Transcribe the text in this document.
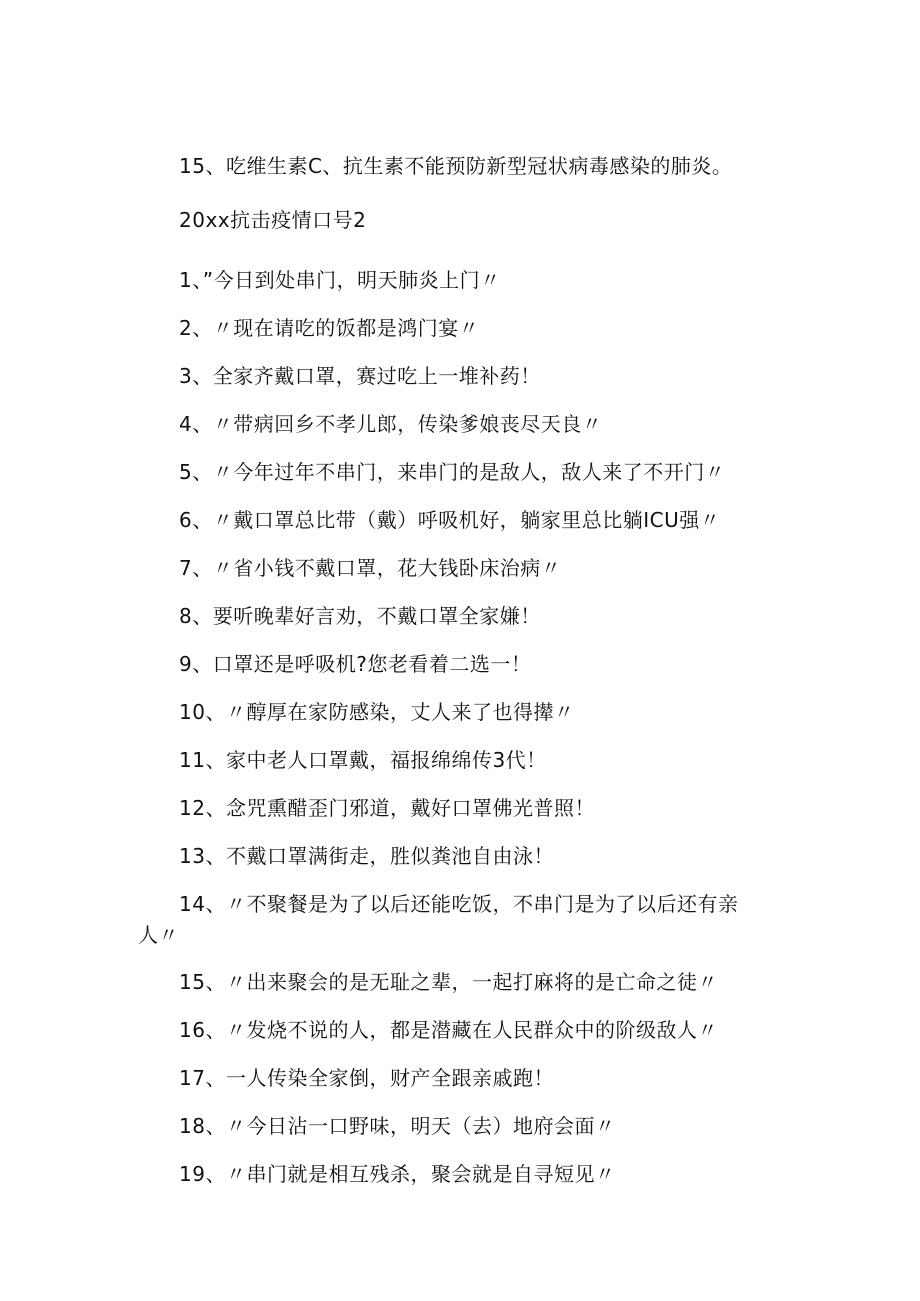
15、吃维生素C、抗生素不能预防新型冠状病毒感染的肺炎。
20xx抗击疫情口号2
1、”今日到处串门，明天肺炎上门〃
2、〃现在请吃的饭都是鸿门宴〃
3、全家齐戴口罩，赛过吃上一堆补药！
4、〃带病回乡不孝儿郎，传染爹娘丧尽天良〃
5、〃今年过年不串门，来串门的是敌人，敌人来了不开门〃
6、〃戴口罩总比带（戴）呼吸机好，躺家里总比躺ICU强〃
7、〃省小钱不戴口罩，花大钱卧床治病〃
8、要听晚辈好言劝，不戴口罩全家嫌！
9、口罩还是呼吸机?您老看着二选一！
10、〃醇厚在家防感染，丈人来了也得撵〃
11、家中老人口罩戴，福报绵绵传3代！
12、念咒熏醋歪门邪道，戴好口罩佛光普照！
13、不戴口罩满街走，胜似粪池自由泳！
14、〃不聚餐是为了以后还能吃饭，不串门是为了以后还有亲
人〃
15、〃出来聚会的是无耻之辈，一起打麻将的是亡命之徒〃
16、〃发烧不说的人，都是潜藏在人民群众中的阶级敌人〃
17、一人传染全家倒，财产全跟亲戚跑！
18、〃今日沾一口野味，明天（去）地府会面〃
19、〃串门就是相互残杀，聚会就是自寻短见〃
